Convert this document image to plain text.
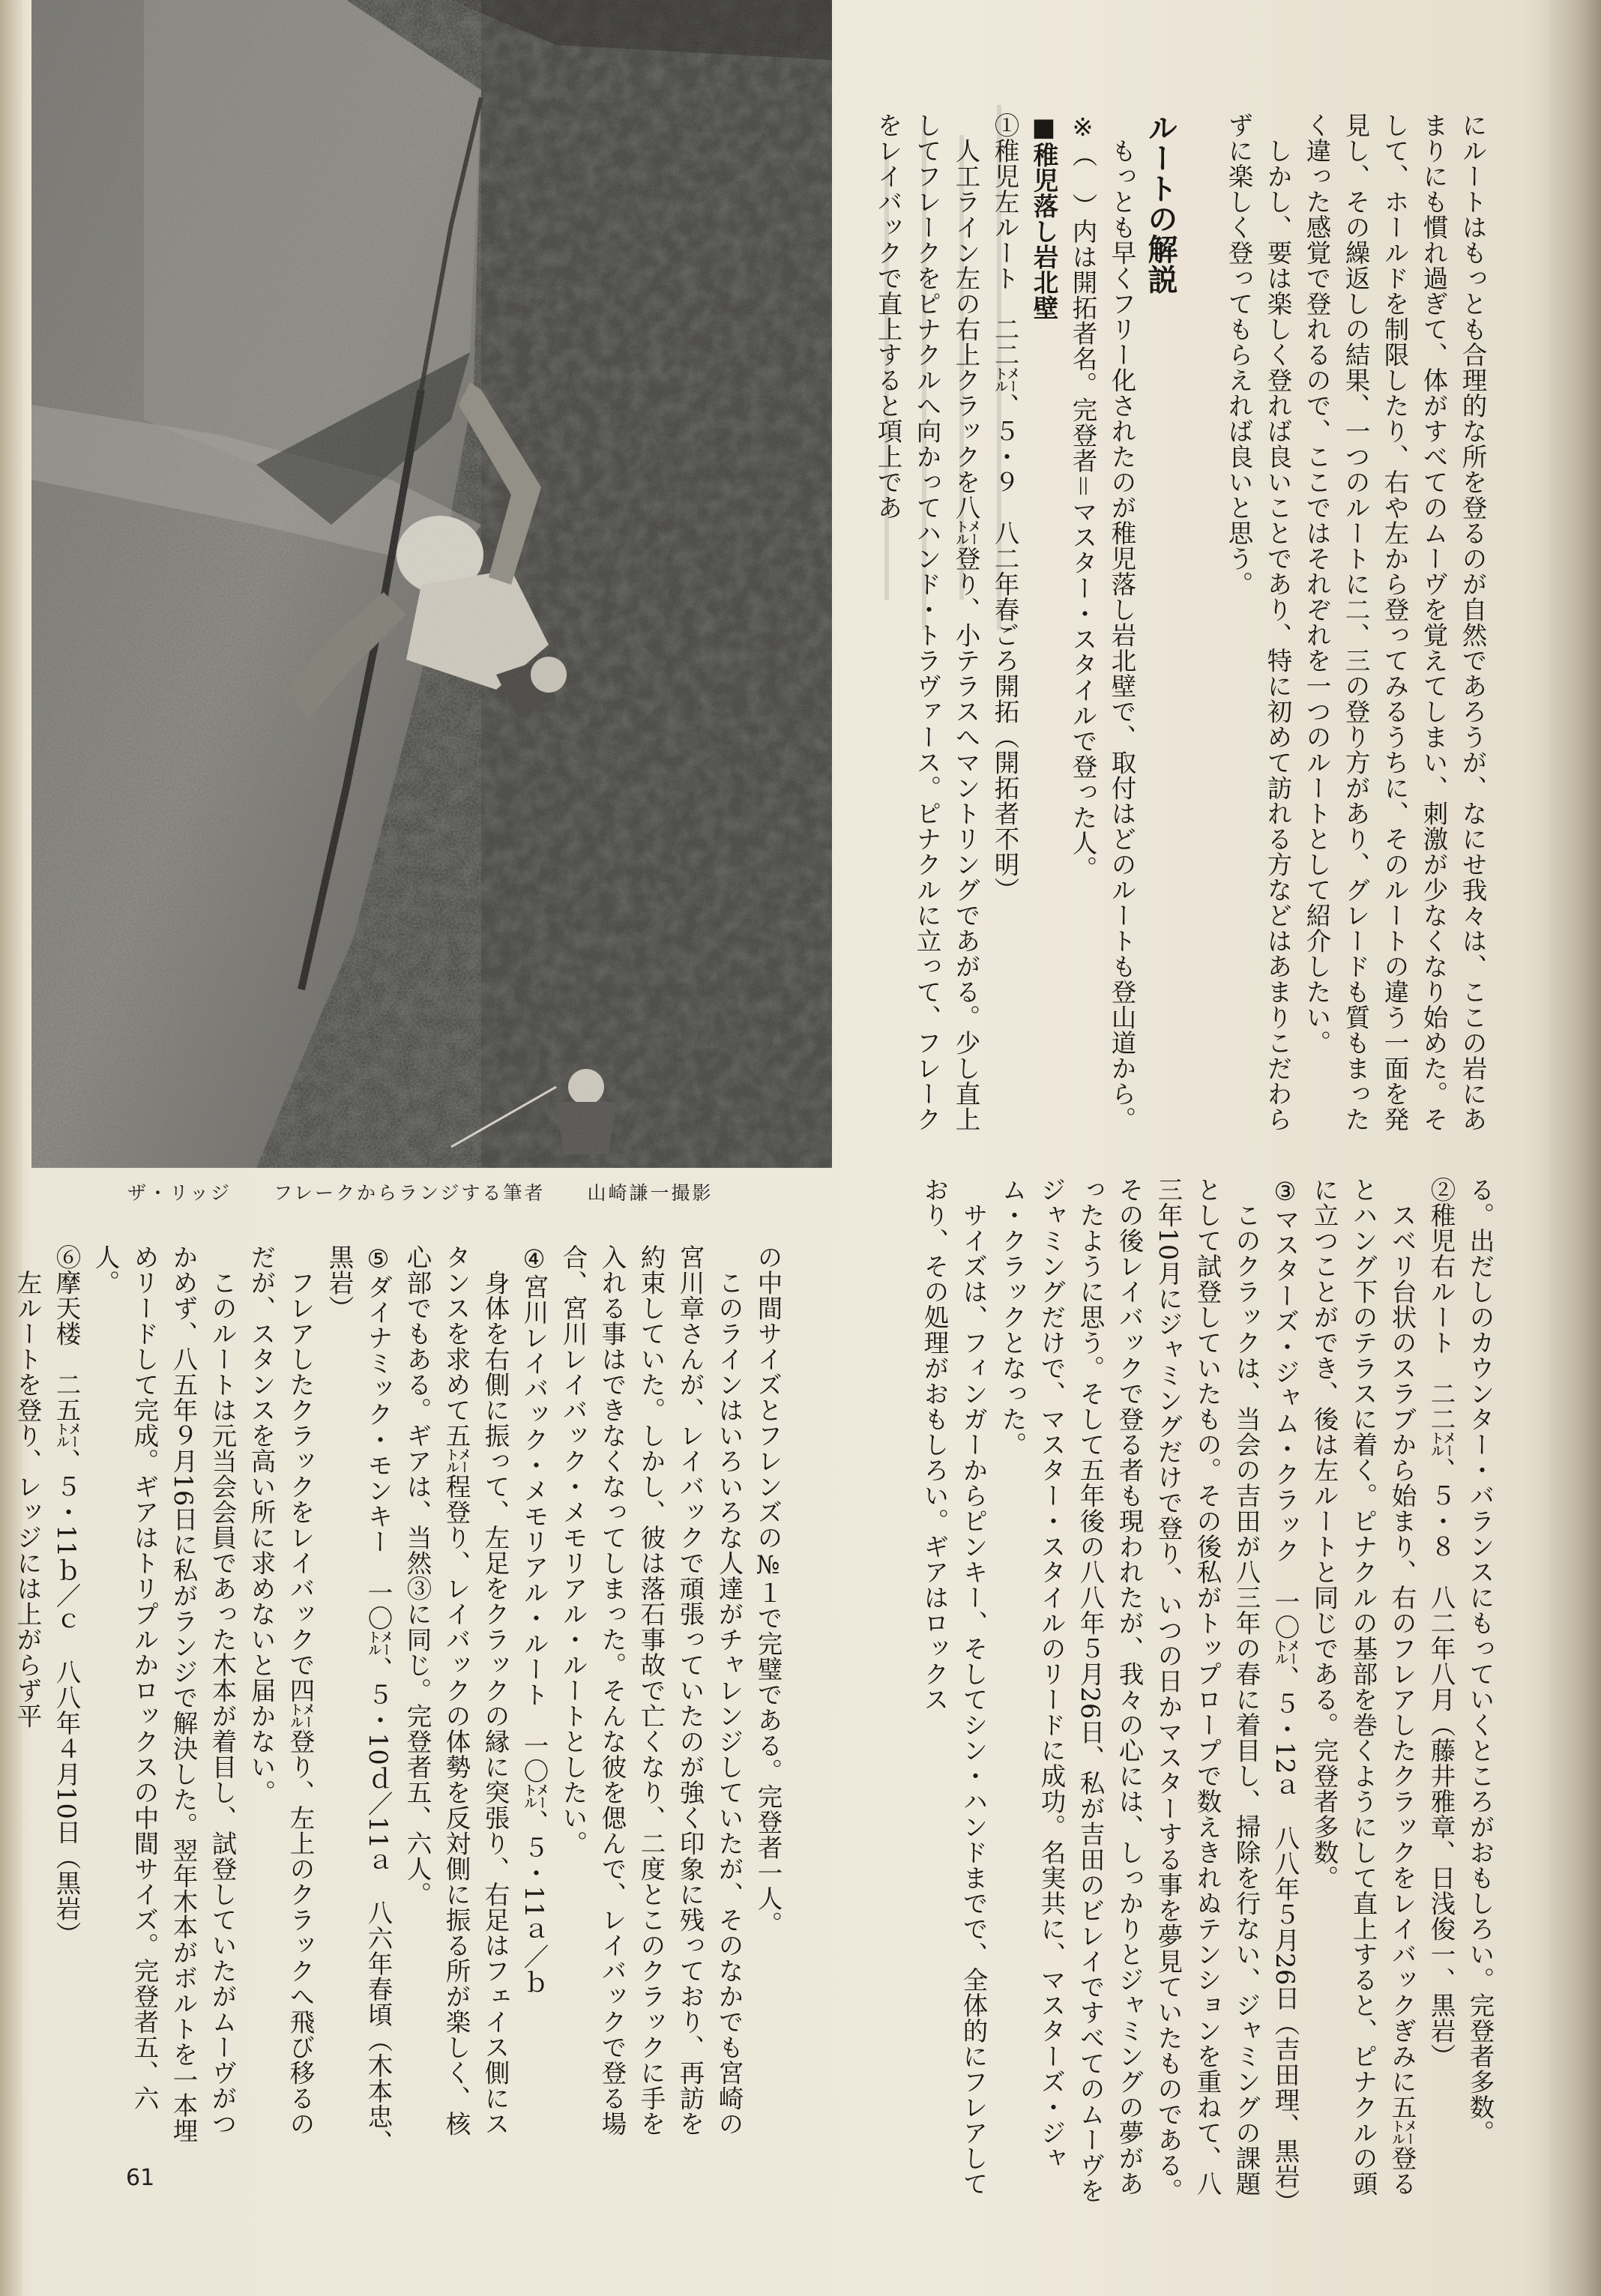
ザ・リッジ　　 フレークからランジする筆者　　 山崎謙一撮影
にルートはもっとも合理的な所を登るのが自然であろうが、なにせ我々は、ここの岩にあまりにも慣れ過ぎて、体がすべてのムーヴを覚えてしまい、刺激が少なくなり始めた。そして、ホールドを制限したり、右や左から登ってみるうちに、そのルートの違う一面を発見し、その繰返しの結果、一つのルートに二、三の登り方があり、グレードも質もまったく違った感覚で登れるので、ここではそれぞれを一つのルートとして紹介したい。
　しかし、要は楽しく登れば良いことであり、特に初めて訪れる方などはあまりこだわらずに楽しく登ってもらえれば良いと思う。

ルートの解説
　もっとも早くフリー化されたのが稚児落し岩北壁で、取付はどのルートも登山道から。
※（　）内は開拓者名。完登者＝マスター・スタイルで登った人。
■稚児落し岩北壁
①稚児左ルート　二二㍍、５・９　八二年春ごろ開拓（開拓者不明）
　人工ライン左の右上クラックを八㍍登り、小テラスへマントリングであがる。少し直上してフレークをピナクルへ向かってハンド・トラヴァース。ピナクルに立って、フレークをレイバックで直上すると項上であ
る。出だしのカウンター・バランスにもっていくところがおもしろい。完登者多数。
②稚児右ルート　二二㍍、５・８　八二年八月（藤井雅章、日浅俊一、黒岩）
　スベリ台状のスラブから始まり、右のフレアしたクラックをレイバックぎみに五㍍登るとハング下のテラスに着く。ピナクルの基部を巻くようにして直上すると、ピナクルの頭に立つことができ、後は左ルートと同じである。完登者多数。
③マスターズ・ジャム・クラック　一〇㍍、５・12ａ　八八年５月26日（吉田理、黒岩）
　このクラックは、当会の吉田が八三年の春に着目し、掃除を行ない、ジャミングの課題として試登していたもの。その後私がトップロープで数えきれぬテンションを重ねて、八三年10月にジャミングだけで登り、いつの日かマスターする事を夢見ていたものである。その後レイバックで登る者も現われたが、我々の心には、しっかりとジャミングの夢があったように思う。そして五年後の八八年５月26日、私が吉田のビレイですべてのムーヴをジャミングだけで、マスター・スタイルのリードに成功。名実共に、マスターズ・ジャム・クラックとなった。
　サイズは、フィンガーからピンキー、そしてシン・ハンドまでで、全体的にフレアしており、その処理がおもしろい。ギアはロックス
の中間サイズとフレンズの№１で完璧である。完登者一人。
　このラインはいろいろな人達がチャレンジしていたが、そのなかでも宮崎の宮川章さんが、レイバックで頑張っていたのが強く印象に残っており、再訪を約束していた。しかし、彼は落石事故で亡くなり、二度とこのクラックに手を入れる事はできなくなってしまった。そんな彼を偲んで、レイバックで登る場合、宮川レイバック・メモリアル・ルートとしたい。
④宮川レイバック・メモリアル・ルート　一〇㍍、５・11ａ／ｂ
　身体を右側に振って、左足をクラックの縁に突張り、右足はフェイス側にスタンスを求めて五㍍程登り、レイバックの体勢を反対側に振る所が楽しく、核心部でもある。ギアは、当然③に同じ。完登者五、六人。
⑤ダイナミック・モンキー　一〇㍍、５・10ｄ／11ａ　八六年春頃（木本忠、黒岩）
　フレアしたクラックをレイバックで四㍍登り、左上のクラックへ飛び移るのだが、スタンスを高い所に求めないと届かない。
　このルートは元当会会員であった木本が着目し、試登していたがムーヴがつかめず、八五年９月16日に私がランジで解決した。翌年木本がボルトを一本埋めリードして完成。ギアはトリプルかロックスの中間サイズ。完登者五、六人。
⑥摩天楼　二五㍍、５・11ｂ／ｃ　八八年４月10日（黒岩）
　左ルートを登り、レッジには上がらず平
61
